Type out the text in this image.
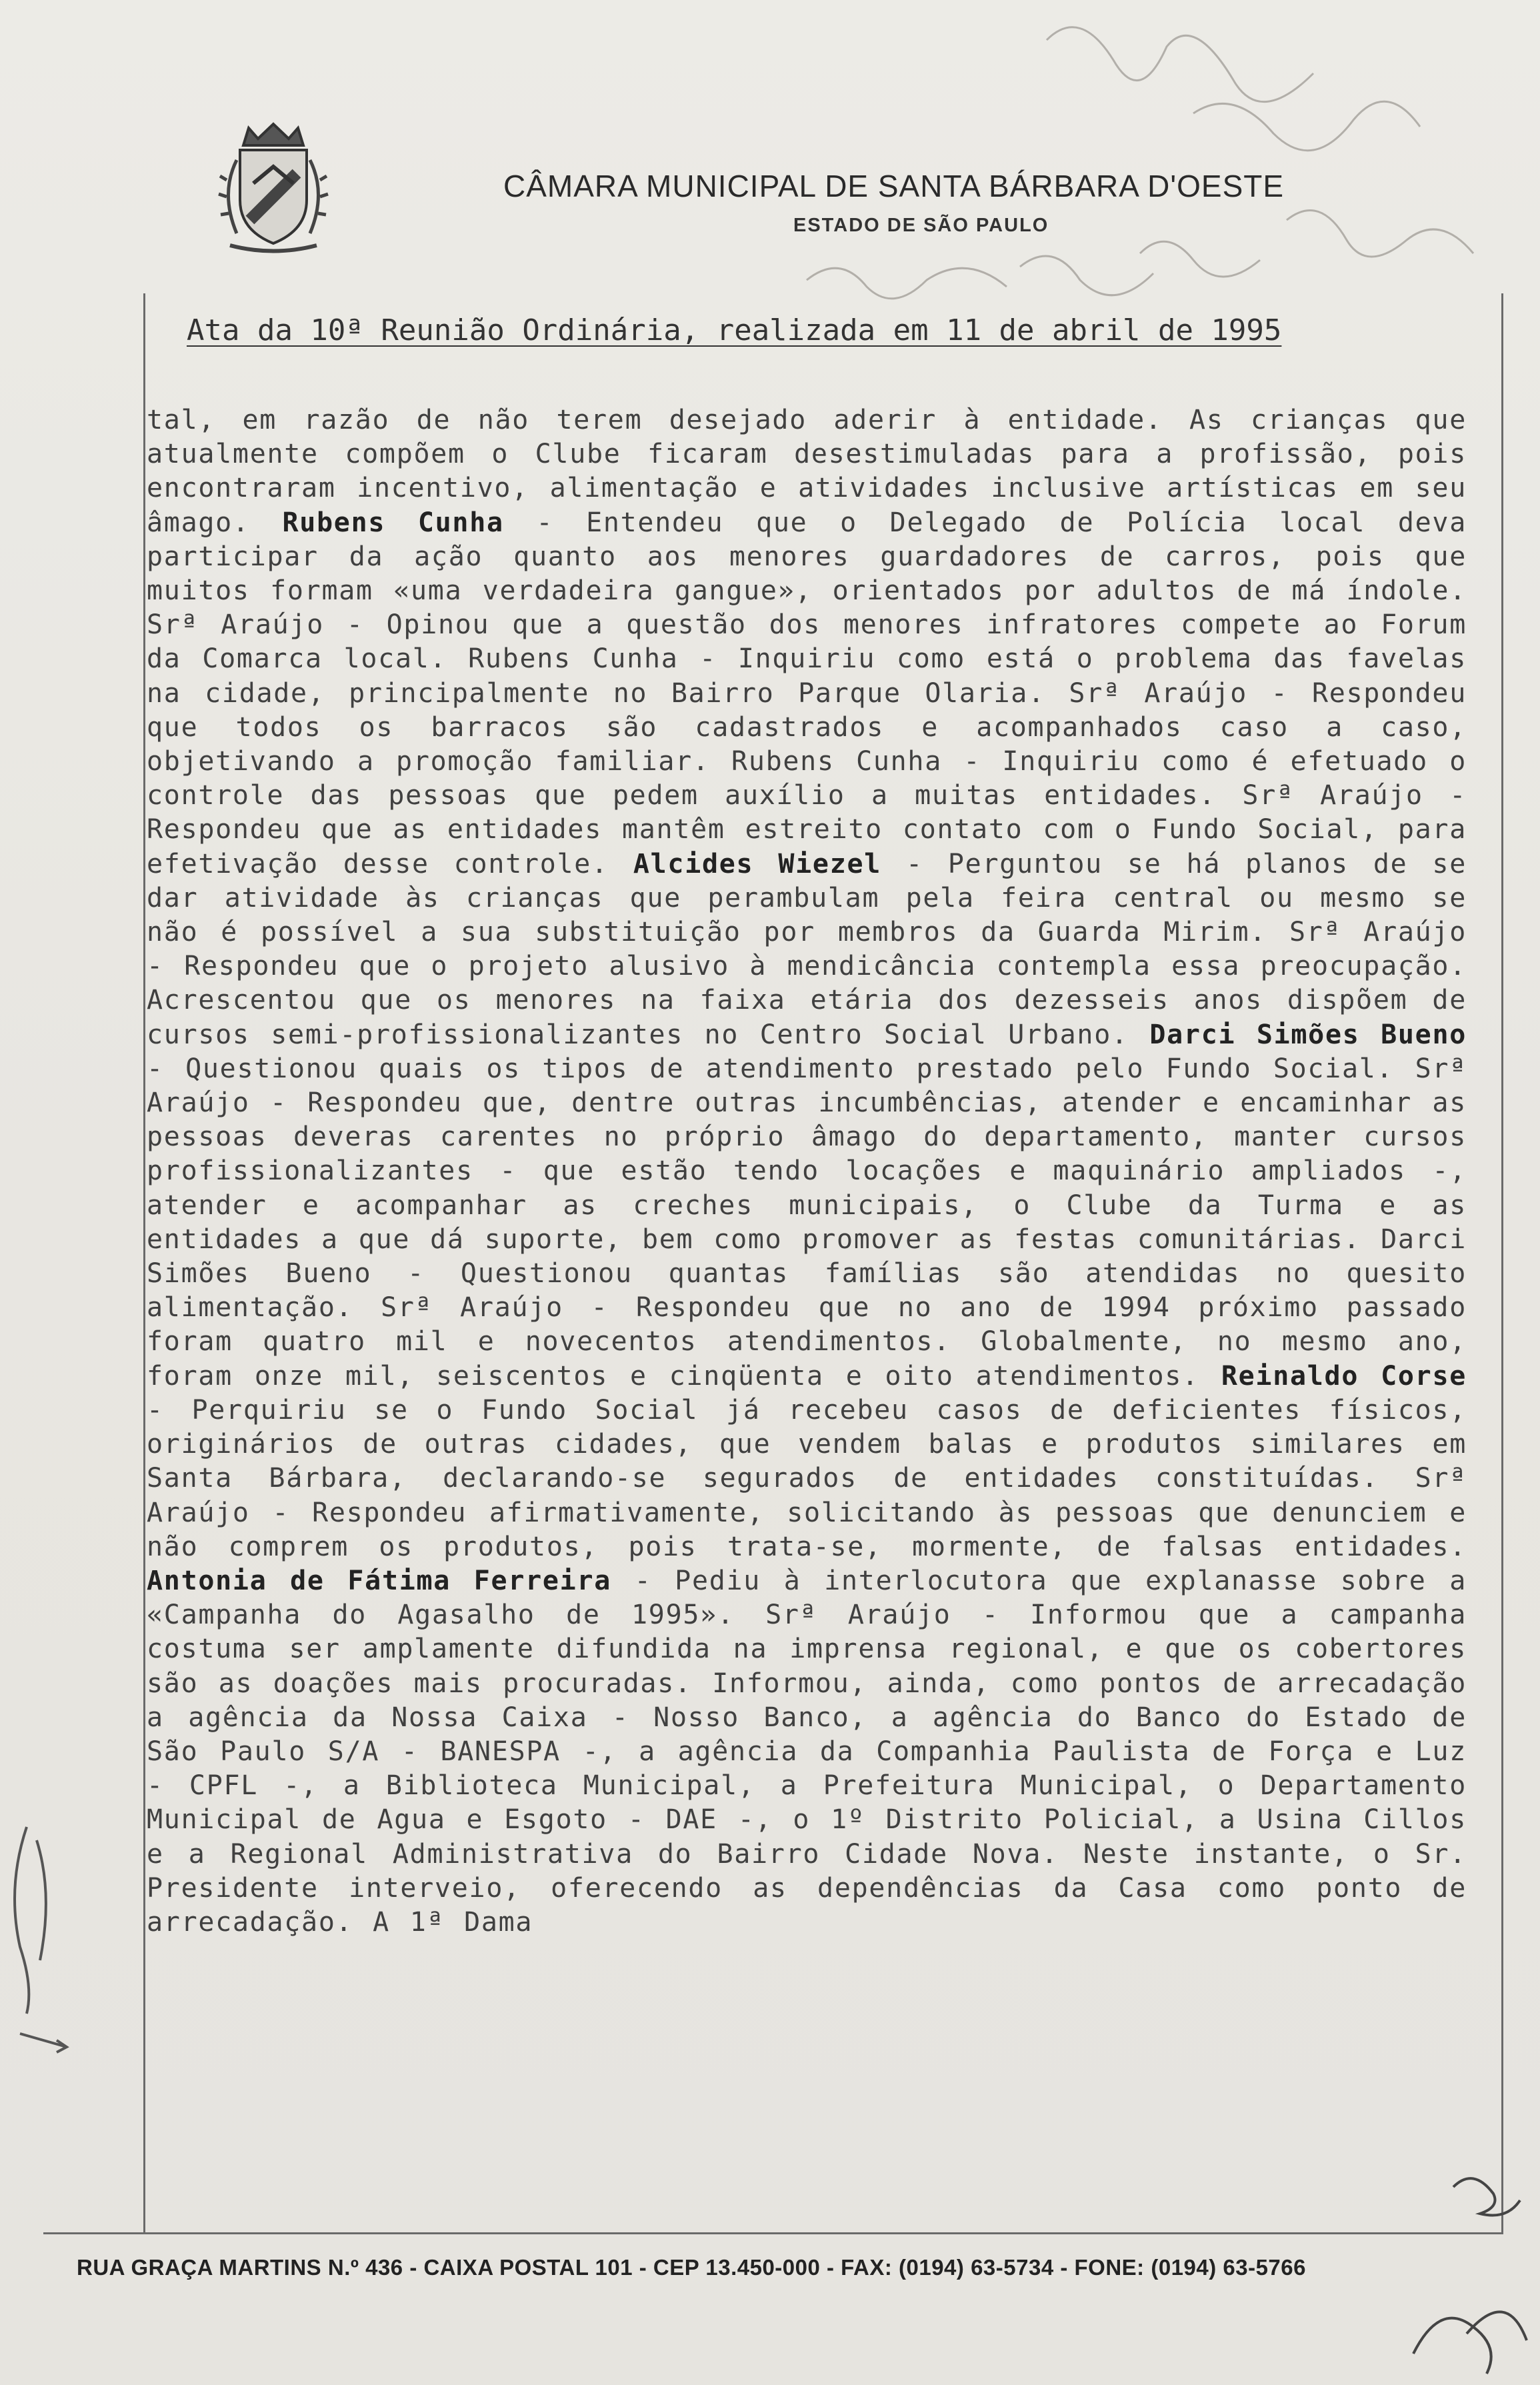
CÂMARA MUNICIPAL DE SANTA BÁRBARA D'OESTE
ESTADO DE SÃO PAULO
Ata da 10ª Reunião Ordinária, realizada em 11 de abril de 1995
tal, em razão de não terem desejado aderir à entidade. As crianças que atualmente compõem o Clube ficaram desestimuladas para a profissão, pois encontraram incentivo, alimentação e atividades inclusive artísticas em seu âmago. Rubens Cunha - Entendeu que o Delegado de Polícia local deva participar da ação quanto aos menores guardadores de carros, pois que muitos formam «uma verdadeira gangue», orientados por adultos de má índole. Srª Araújo - Opinou que a questão dos menores infratores compete ao Forum da Comarca local. Rubens Cunha - Inquiriu como está o problema das favelas na cidade, principalmente no Bairro Parque Olaria. Srª Araújo - Respondeu que todos os barracos são cadastrados e acompanhados caso a caso, objetivando a promoção familiar. Rubens Cunha - Inquiriu como é efetuado o controle das pessoas que pedem auxílio a muitas entidades. Srª Araújo - Respondeu que as entidades mantêm estreito contato com o Fundo Social, para efetivação desse controle. Alcides Wiezel - Perguntou se há planos de se dar atividade às crianças que perambulam pela feira central ou mesmo se não é possível a sua substituição por membros da Guarda Mirim. Srª Araújo - Respondeu que o projeto alusivo à mendicância contempla essa preocupação. Acrescentou que os menores na faixa etária dos dezesseis anos dispõem de cursos semi-profissionalizantes no Centro Social Urbano. Darci Simões Bueno - Questionou quais os tipos de atendimento prestado pelo Fundo Social. Srª Araújo - Respondeu que, dentre outras incumbências, atender e encaminhar as pessoas deveras carentes no próprio âmago do departamento, manter cursos profissionalizantes - que estão tendo locações e maquinário ampliados -, atender e acompanhar as creches municipais, o Clube da Turma e as entidades a que dá suporte, bem como promover as festas comunitárias. Darci Simões Bueno - Questionou quantas famílias são atendidas no quesito alimentação. Srª Araújo - Respondeu que no ano de 1994 próximo passado foram quatro mil e novecentos atendimentos. Globalmente, no mesmo ano, foram onze mil, seiscentos e cinqüenta e oito atendimentos. Reinaldo Corse - Perquiriu se o Fundo Social já recebeu casos de deficientes físicos, originários de outras cidades, que vendem balas e produtos similares em Santa Bárbara, declarando-se segurados de entidades constituídas. Srª Araújo - Respondeu afirmativamente, solicitando às pessoas que denunciem e não comprem os produtos, pois trata-se, mormente, de falsas entidades. Antonia de Fátima Ferreira - Pediu à interlocutora que explanasse sobre a «Campanha do Agasalho de 1995». Srª Araújo - Informou que a campanha costuma ser amplamente difundida na imprensa regional, e que os cobertores são as doações mais procuradas. Informou, ainda, como pontos de arrecadação a agência da Nossa Caixa - Nosso Banco, a agência do Banco do Estado de São Paulo S/A - BANESPA -, a agência da Companhia Paulista de Força e Luz - CPFL -, a Biblioteca Municipal, a Prefeitura Municipal, o Departamento Municipal de Agua e Esgoto - DAE -, o 1º Distrito Policial, a Usina Cillos e a Regional Administrativa do Bairro Cidade Nova. Neste instante, o Sr. Presidente interveio, oferecendo as dependências da Casa como ponto de arrecadação. A 1ª Dama
RUA GRAÇA MARTINS N.º 436 - CAIXA POSTAL 101 - CEP 13.450-000 - FAX: (0194) 63-5734 - FONE: (0194) 63-5766
